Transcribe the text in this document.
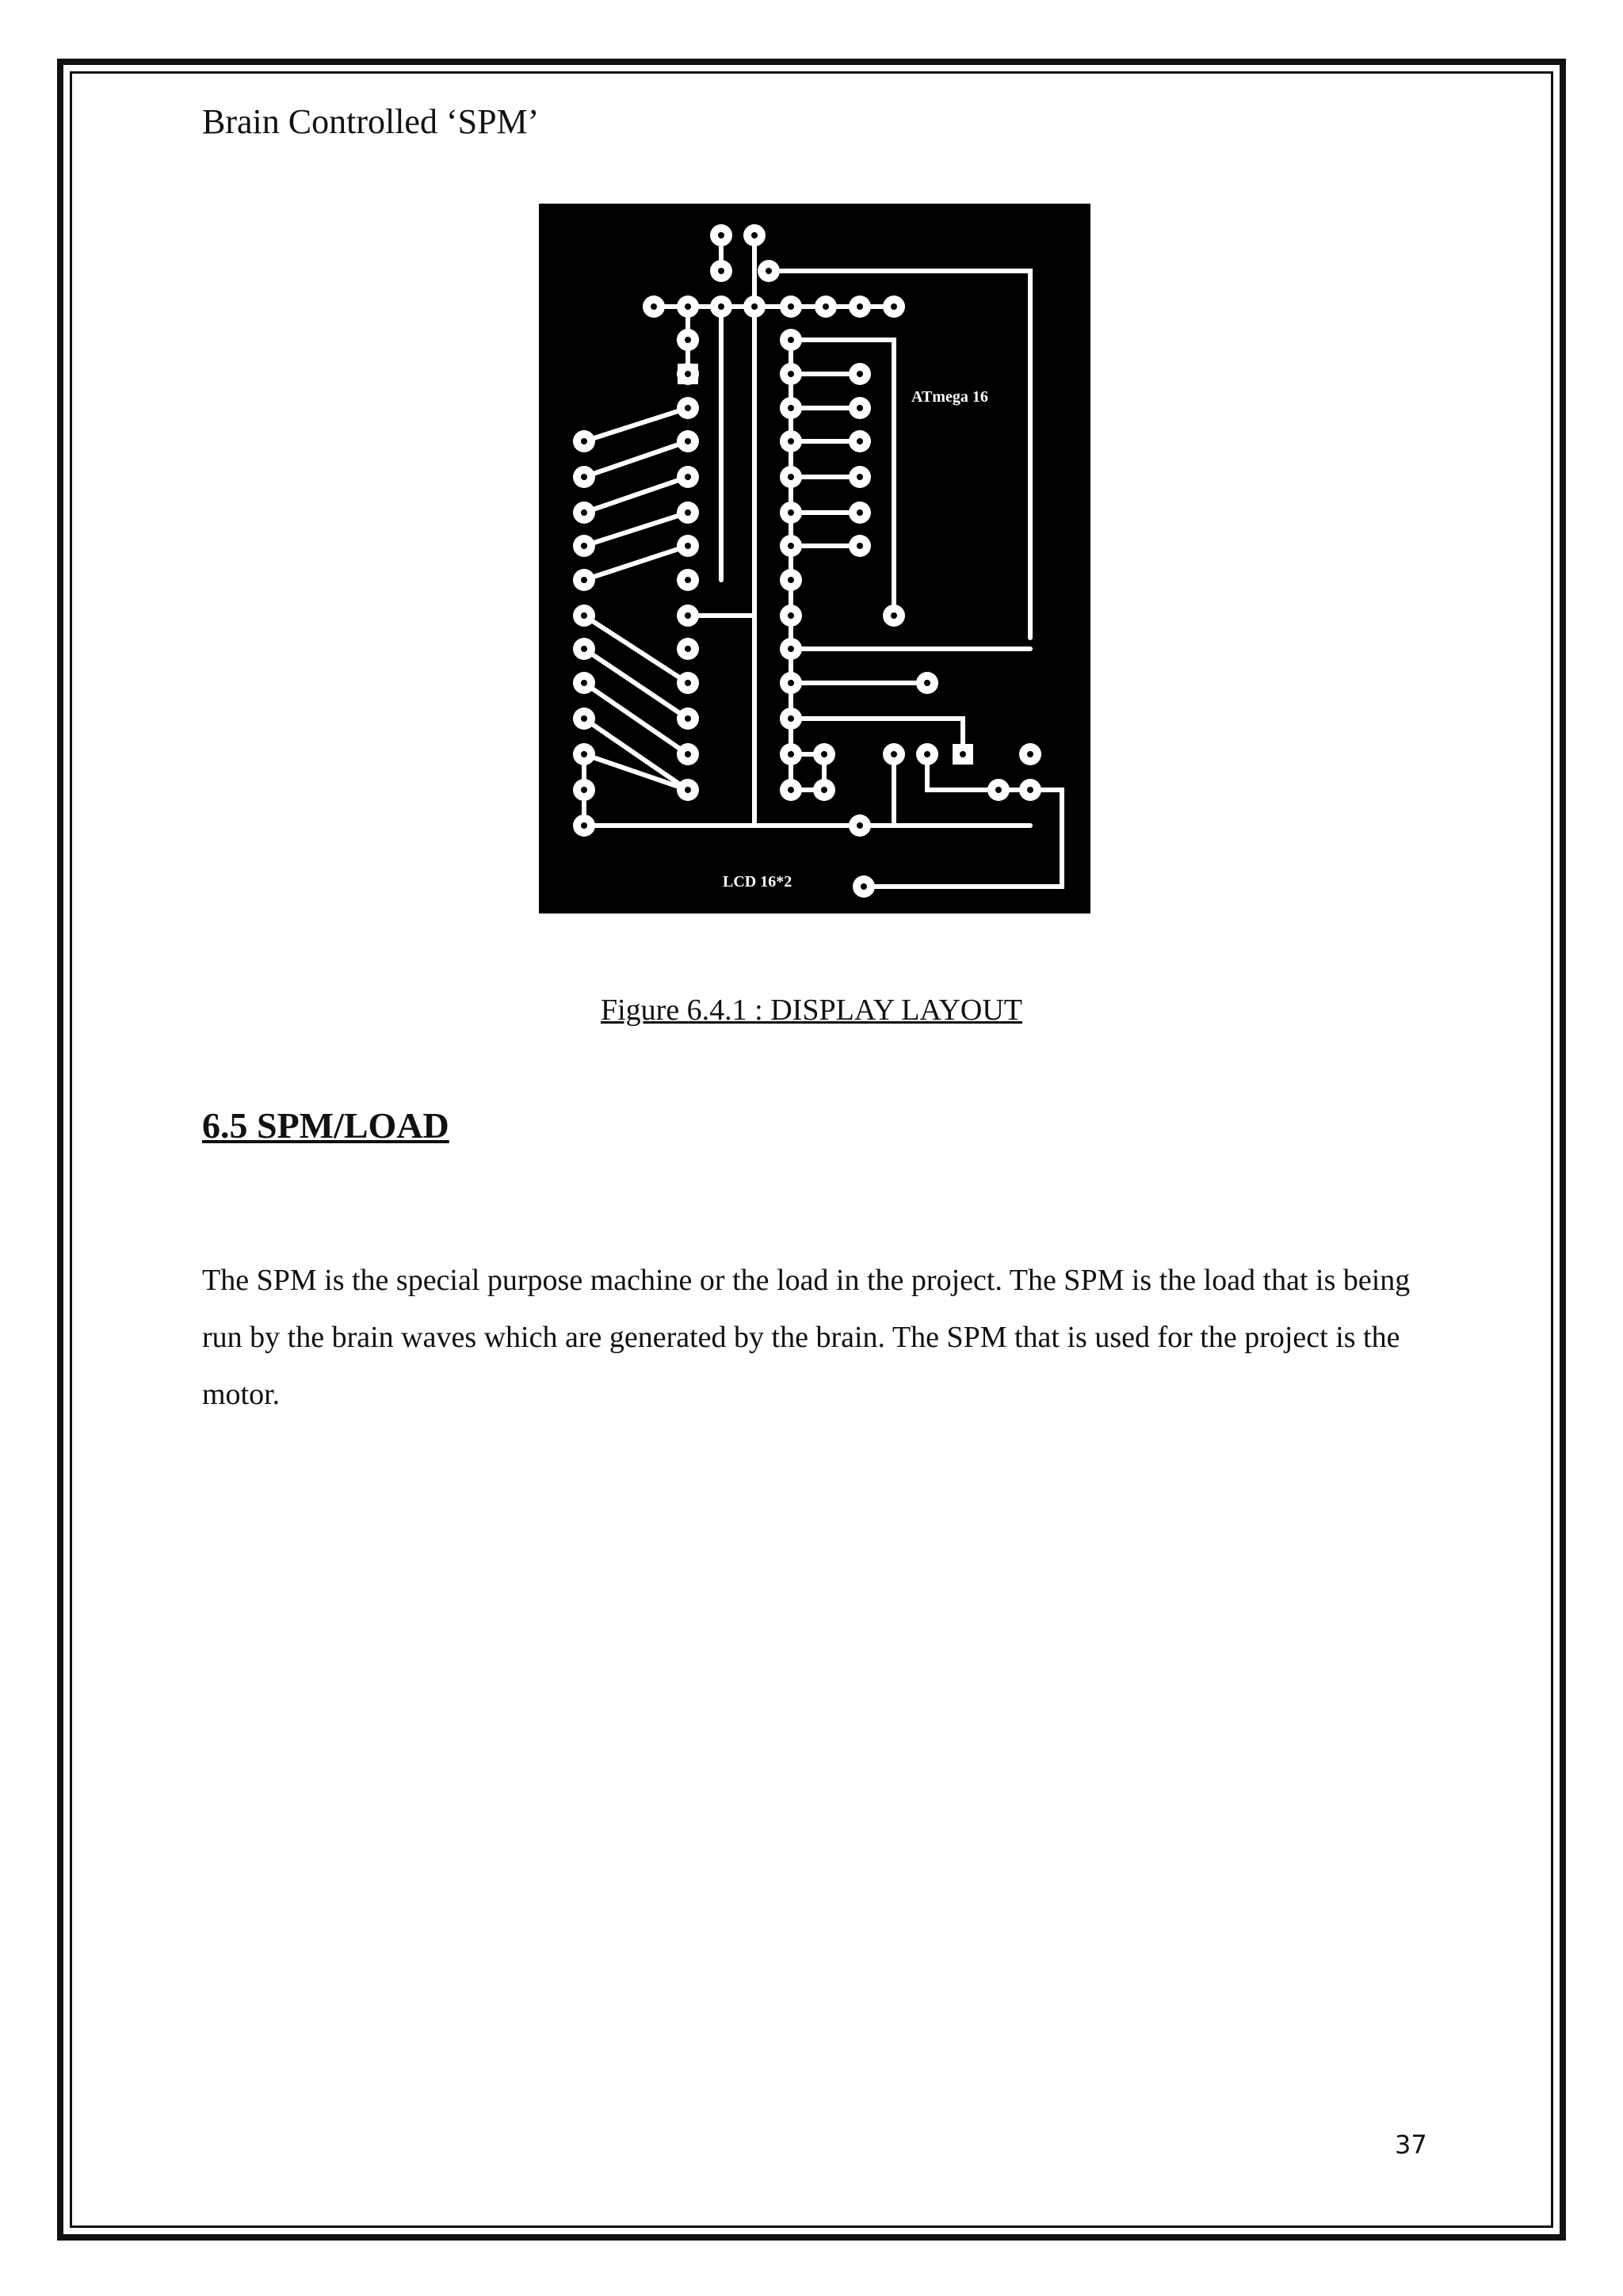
Brain Controlled ‘SPM’
ATmega 16
LCD 16*2
Figure 6.4.1 : DISPLAY LAYOUT
6.5 SPM/LOAD
The SPM is the special purpose machine or the load in the project. The SPM is the load that is being run by the brain waves which are generated by the brain. The SPM that is used for the project is the motor.
37
